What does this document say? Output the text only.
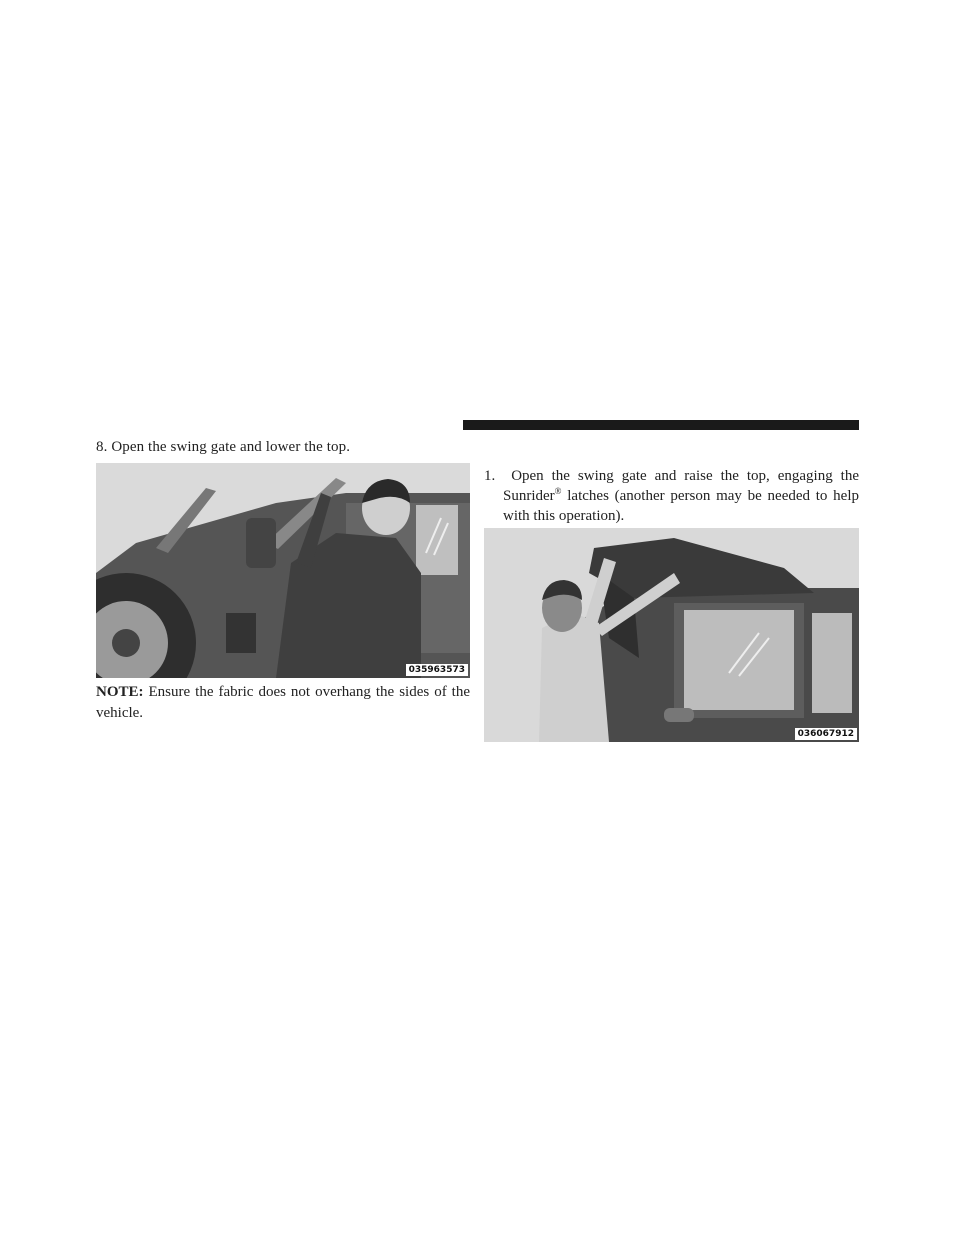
8. Open the swing gate and lower the top.
035963573
NOTE: Ensure the fabric does not overhang the sides of the vehicle.
1. Open the swing gate and raise the top, engaging the Sunrider® latches (another person may be needed to help with this operation).
036067912
